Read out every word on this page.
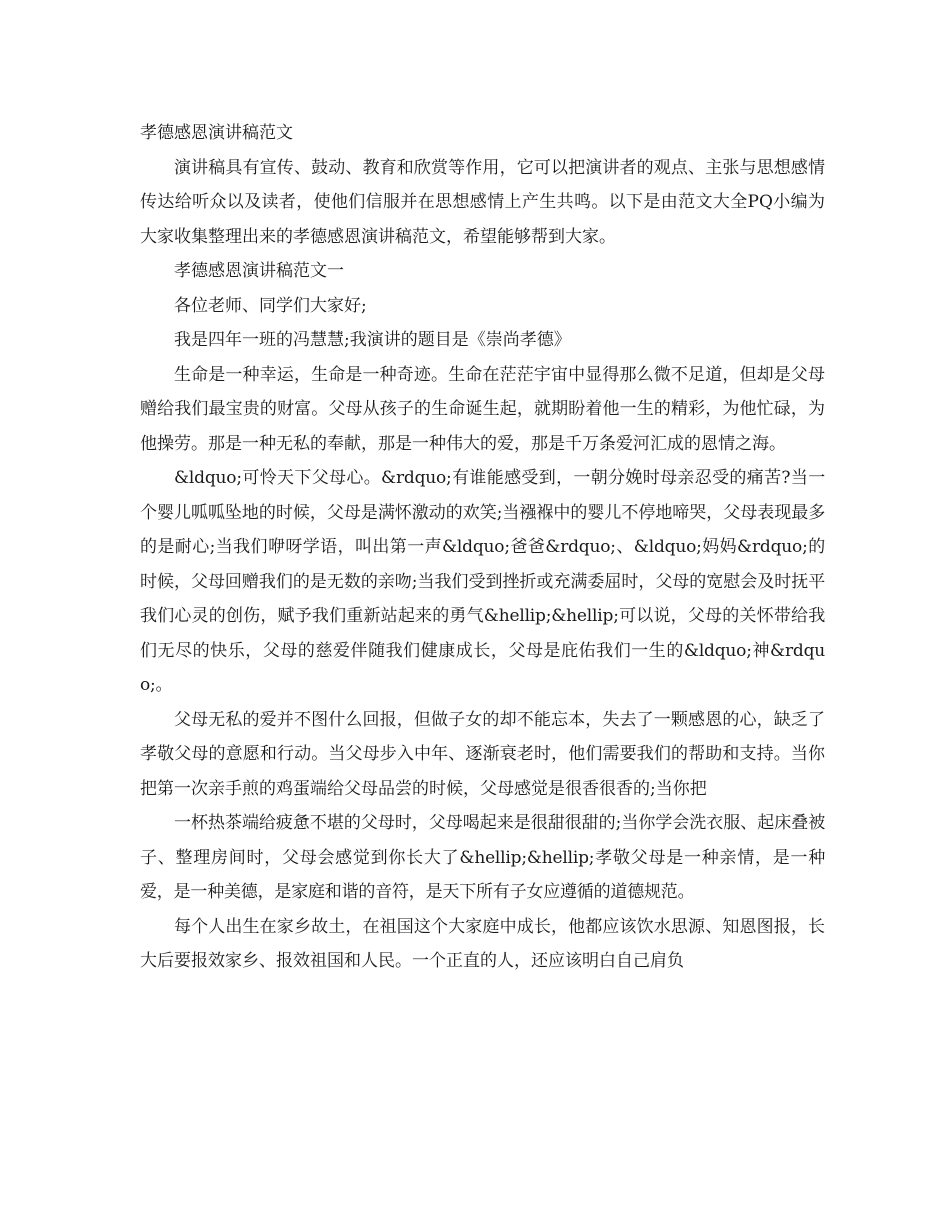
孝德感恩演讲稿范文

演讲稿具有宣传、鼓动、教育和欣赏等作用，它可以把演讲者的观点、主张与思想感情传达给听众以及读者，使他们信服并在思想感情上产生共鸣。以下是由范文大全PQ小编为大家收集整理出来的孝德感恩演讲稿范文，希望能够帮到大家。

孝德感恩演讲稿范文一

各位老师、同学们大家好;

我是四年一班的冯慧慧;我演讲的题目是《崇尚孝德》

生命是一种幸运，生命是一种奇迹。生命在茫茫宇宙中显得那么微不足道，但却是父母赠给我们最宝贵的财富。父母从孩子的生命诞生起，就期盼着他一生的精彩，为他忙碌，为他操劳。那是一种无私的奉献，那是一种伟大的爱，那是千万条爱河汇成的恩情之海。

&ldquo;可怜天下父母心。&rdquo;有谁能感受到，一朝分娩时母亲忍受的痛苦?当一个婴儿呱呱坠地的时候，父母是满怀激动的欢笑;当襁褓中的婴儿不停地啼哭，父母表现最多的是耐心;当我们咿呀学语，叫出第一声&ldquo;爸爸&rdquo;、&ldquo;妈妈&rdquo;的时候，父母回赠我们的是无数的亲吻;当我们受到挫折或充满委屈时，父母的宽慰会及时抚平我们心灵的创伤，赋予我们重新站起来的勇气&hellip;&hellip;可以说，父母的关怀带给我们无尽的快乐，父母的慈爱伴随我们健康成长，父母是庇佑我们一生的&ldquo;神&rdquo;。

父母无私的爱并不图什么回报，但做子女的却不能忘本，失去了一颗感恩的心，缺乏了孝敬父母的意愿和行动。当父母步入中年、逐渐衰老时，他们需要我们的帮助和支持。当你把第一次亲手煎的鸡蛋端给父母品尝的时候，父母感觉是很香很香的;当你把

一杯热茶端给疲惫不堪的父母时，父母喝起来是很甜很甜的;当你学会洗衣服、起床叠被子、整理房间时，父母会感觉到你长大了&hellip;&hellip;孝敬父母是一种亲情，是一种爱，是一种美德，是家庭和谐的音符，是天下所有子女应遵循的道德规范。

每个人出生在家乡故土，在祖国这个大家庭中成长，他都应该饮水思源、知恩图报，长大后要报效家乡、报效祖国和人民。一个正直的人，还应该明白自己肩负
